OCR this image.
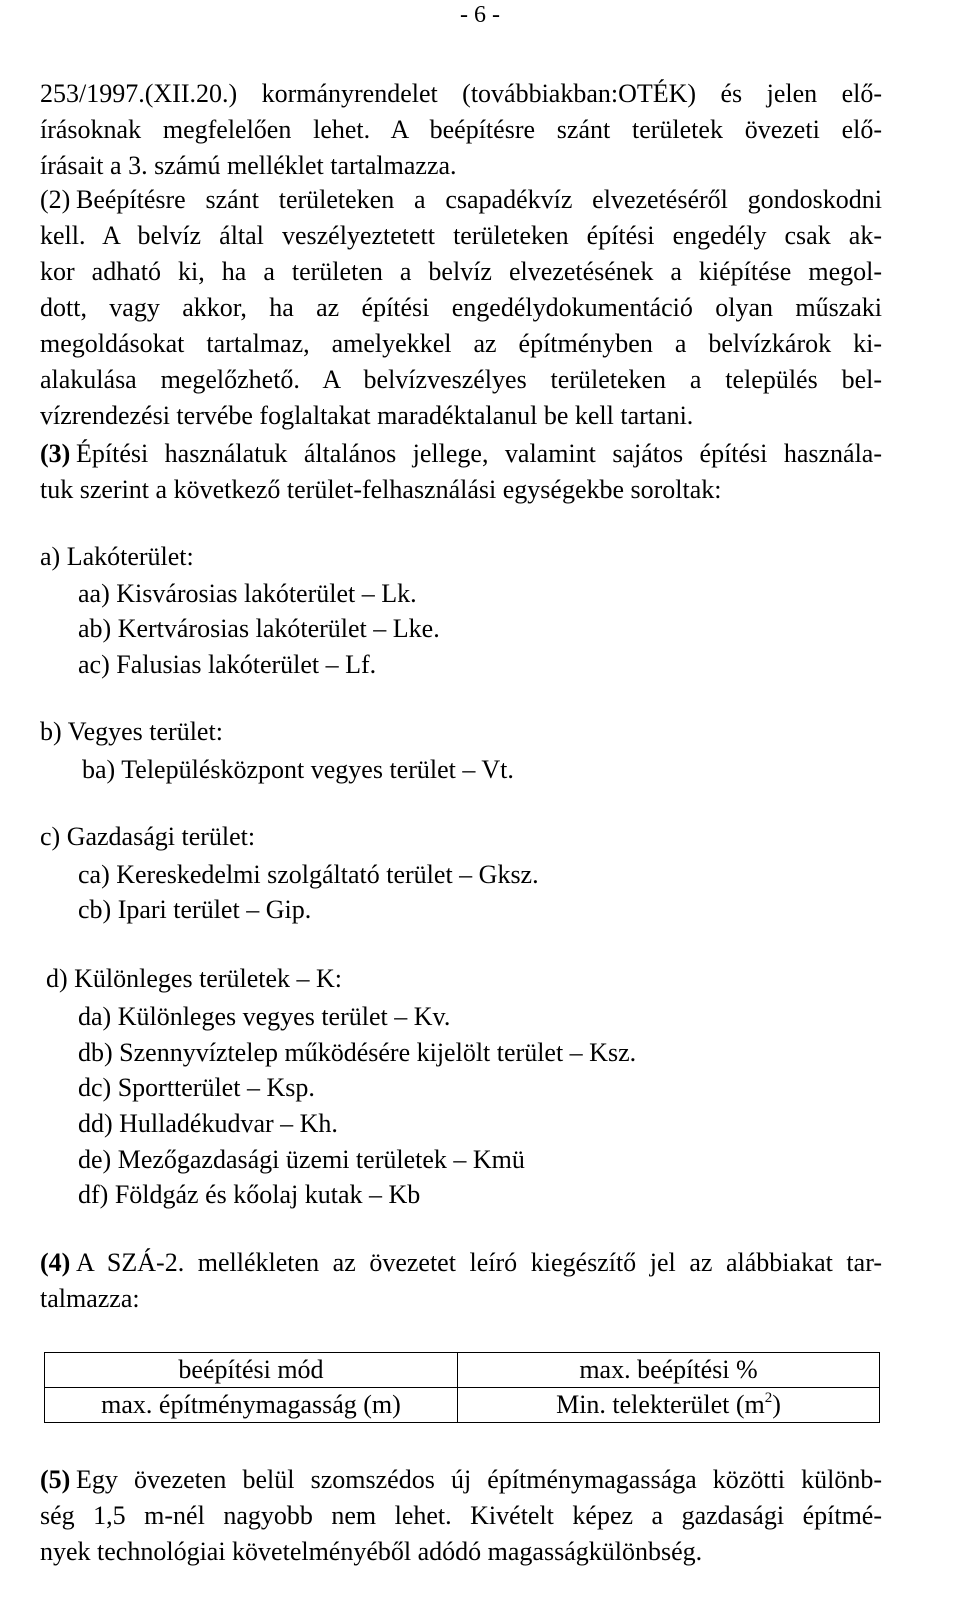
- 6 -
253/1997.(XII.20.) kormányrendelet (továbbiakban:OTÉK) és jelen elő-
írásoknak megfelelően lehet. A beépítésre szánt területek övezeti elő-
írásait a 3. számú melléklet tartalmazza.
(2) Beépítésre szánt területeken a csapadékvíz elvezetéséről gondoskodni
kell. A belvíz által veszélyeztetett területeken építési engedély csak ak-
kor adható ki, ha a területen a belvíz elvezetésének a kiépítése megol-
dott, vagy akkor, ha az építési engedélydokumentáció olyan műszaki
megoldásokat tartalmaz, amelyekkel az építményben a belvízkárok ki-
alakulása megelőzhető. A belvízveszélyes területeken a település bel-
vízrendezési tervébe foglaltakat maradéktalanul be kell tartani.
(3) Építési használatuk általános jellege, valamint sajátos építési használa-
tuk szerint a következő terület-felhasználási egységekbe soroltak:
a) Lakóterület:
aa) Kisvárosias lakóterület – Lk.
ab) Kertvárosias lakóterület – Lke.
ac) Falusias lakóterület – Lf.
b) Vegyes terület:
ba) Településközpont vegyes terület – Vt.
c) Gazdasági terület:
ca) Kereskedelmi szolgáltató terület – Gksz.
cb) Ipari terület – Gip.
d) Különleges területek – K:
da) Különleges vegyes terület – Kv.
db) Szennyvíztelep működésére kijelölt terület – Ksz.
dc) Sportterület – Ksp.
dd) Hulladékudvar – Kh.
de) Mezőgazdasági üzemi területek – Kmü
df) Földgáz és kőolaj kutak – Kb
(4) A SZÁ-2. mellékleten az övezetet leíró kiegészítő jel az alábbiakat tar-
talmazza:
beépítési mód	max. beépítési %
max. építménymagasság (m)	Min. telekterület $(m^2)$
(5) Egy övezeten belül szomszédos új építménymagassága közötti különb-
ség 1,5 m-nél nagyobb nem lehet. Kivételt képez a gazdasági építmé-
nyek technológiai követelményéből adódó magasságkülönbség.
